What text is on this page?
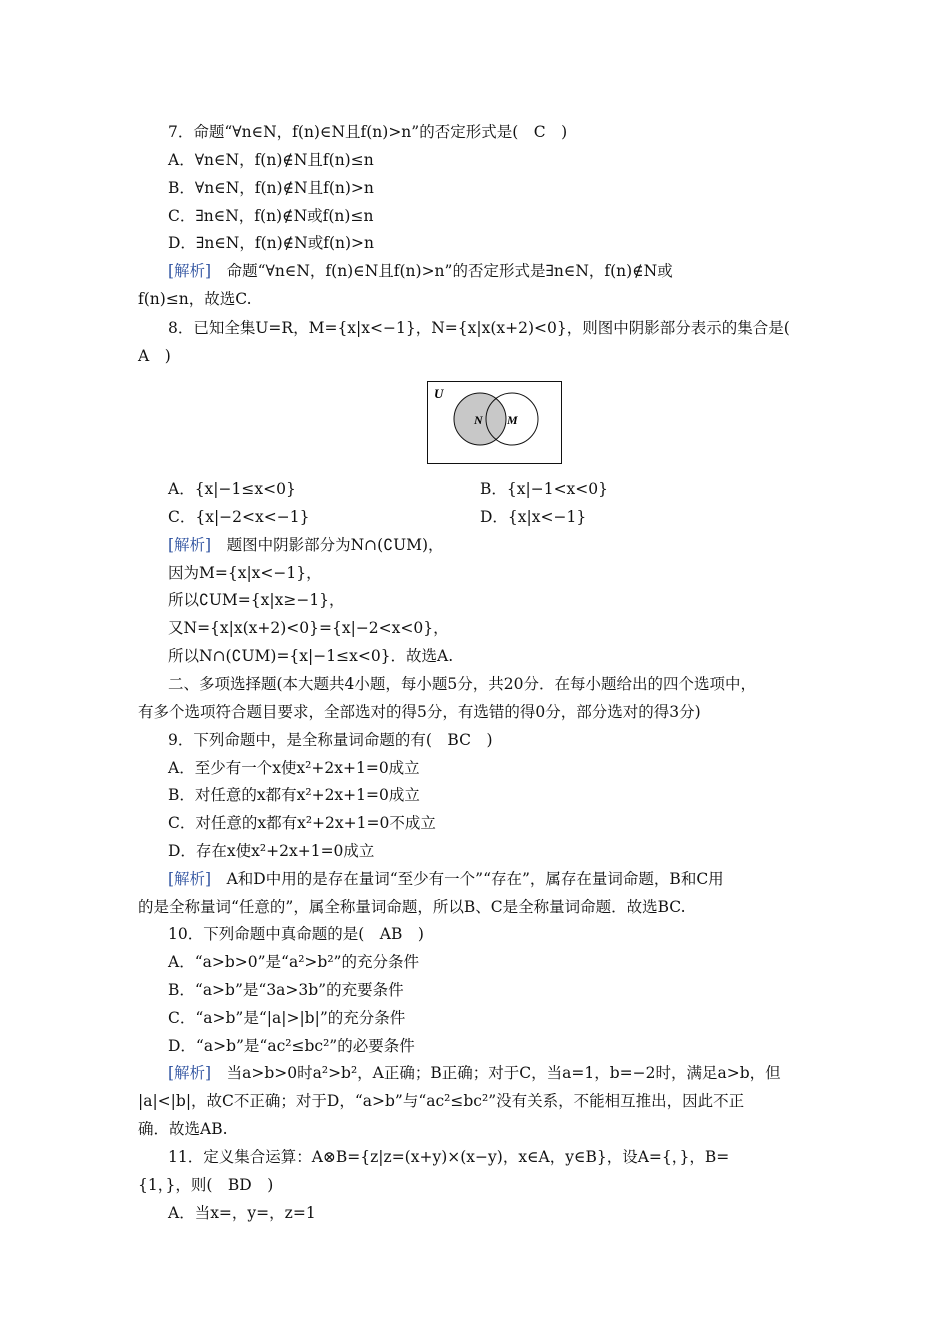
7．命题“∀n∈N，f(n)∈N且f(n)>n”的否定形式是(　C　)
A．∀n∈N，f(n)∉N且f(n)≤n
B．∀n∈N，f(n)∉N且f(n)>n
C．∃n∈N，f(n)∉N或f(n)≤n
D．∃n∈N，f(n)∉N或f(n)>n
[解析]　命题“∀n∈N，f(n)∈N且f(n)>n”的否定形式是∃n∈N，f(n)∉N或
f(n)≤n，故选C.
8．已知全集U=R，M={x|x<−1}，N={x|x(x+2)<0}，则图中阴影部分表示的集合是(
A　)
A．{x|−1≤x<0}	B．{x|−1<x<0}
C．{x|−2<x<−1}	D．{x|x<−1}
[解析]　题图中阴影部分为N∩(∁UM)，
因为M={x|x<−1}，
所以∁UM={x|x≥−1}，
又N={x|x(x+2)<0}={x|−2<x<0}，
所以N∩(∁UM)={x|−1≤x<0}．故选A.
二、多项选择题(本大题共4小题，每小题5分，共20分．在每小题给出的四个选项中，
有多个选项符合题目要求，全部选对的得5分，有选错的得0分，部分选对的得3分)
9．下列命题中，是全称量词命题的有(　BC　)
A．至少有一个x使x²+2x+1=0成立
B．对任意的x都有x²+2x+1=0成立
C．对任意的x都有x²+2x+1=0不成立
D．存在x使x²+2x+1=0成立
[解析]　A和D中用的是存在量词“至少有一个”“存在”，属存在量词命题，B和C用
的是全称量词“任意的”，属全称量词命题，所以B、C是全称量词命题．故选BC.
10．下列命题中真命题的是(　AB　)
A．“a>b>0”是“a²>b²”的充分条件
B．“a>b”是“3a>3b”的充要条件
C．“a>b”是“|a|>|b|”的充分条件
D．“a>b”是“ac²≤bc²”的必要条件
[解析]　当a>b>0时a²>b²，A正确；B正确；对于C，当a=1，b=−2时，满足a>b，但
|a|<|b|，故C不正确；对于D，“a>b”与“ac²≤bc²”没有关系，不能相互推出，因此不正
确．故选AB.
11．定义集合运算：A⊗B={z|z=(x+y)×(x−y)，x∈A，y∈B}，设A={，}，B=
{1，}，则(　BD　)
A．当x=，y=，z=1
U
N M
